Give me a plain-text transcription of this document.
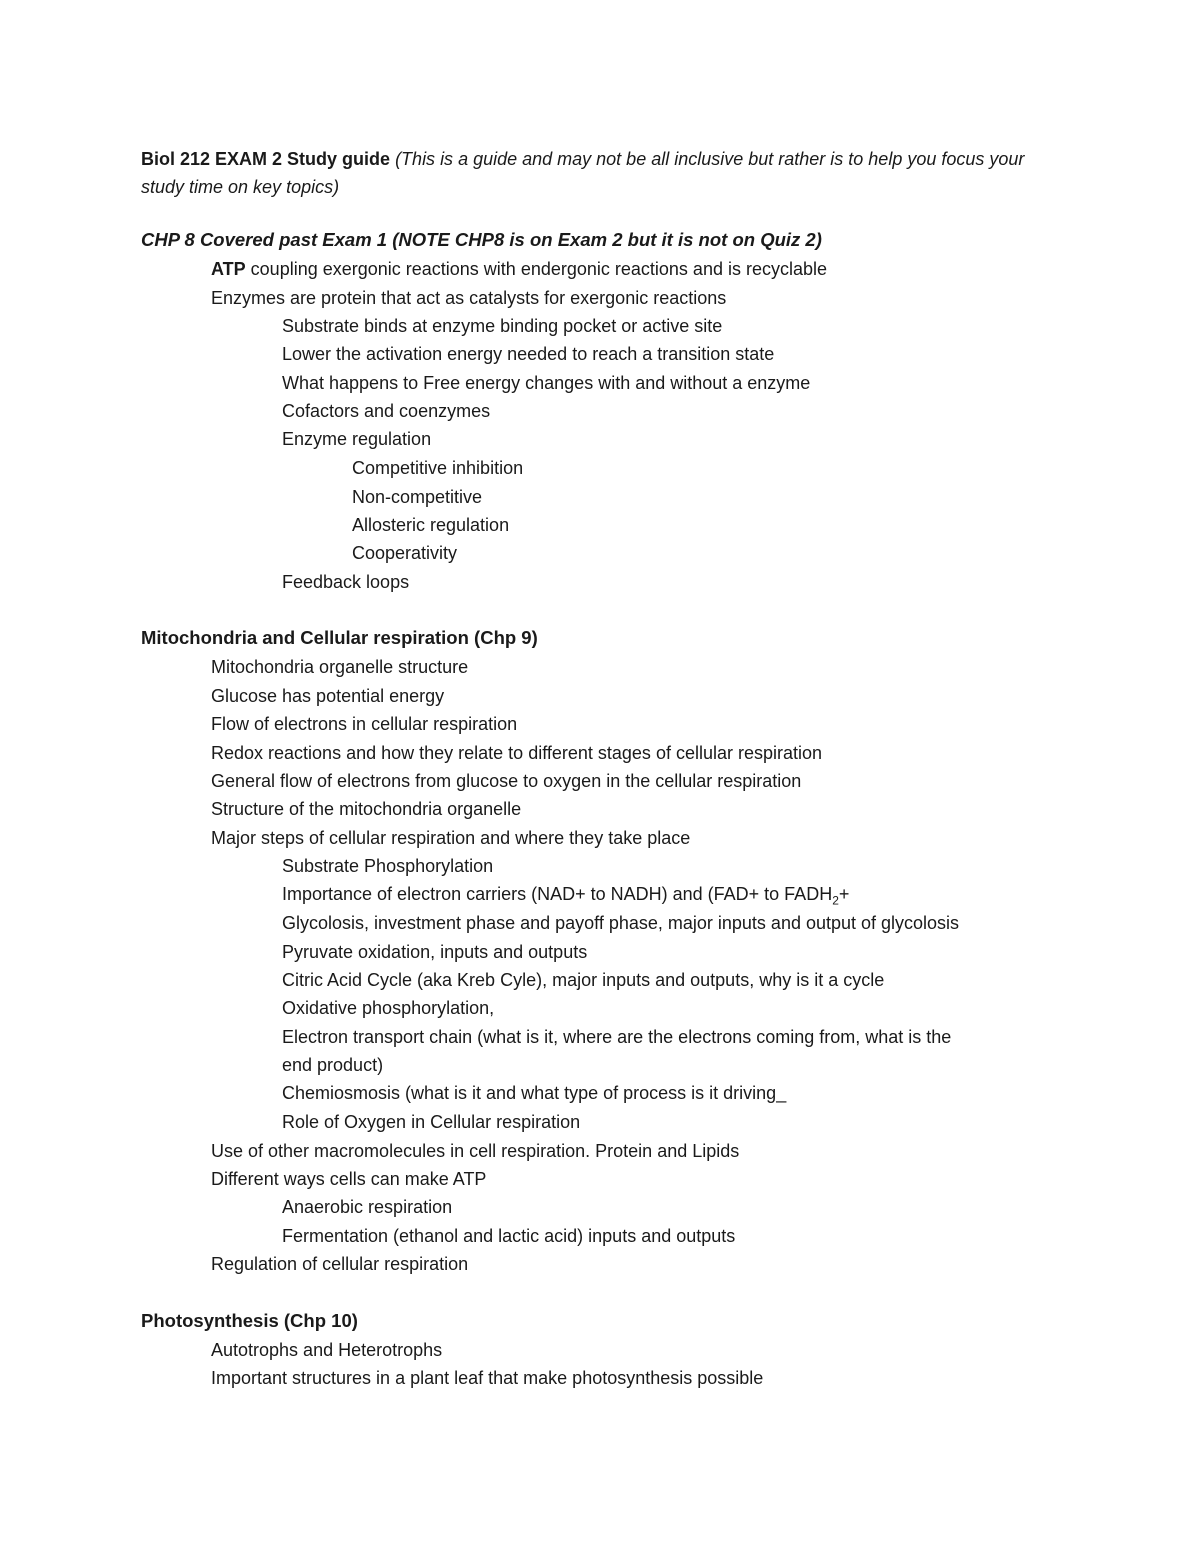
Biol 212 EXAM 2 Study guide (This is a guide and may not be all inclusive but rather is to help you focus your study time on key topics)
CHP 8 Covered past Exam 1 (NOTE CHP8 is on Exam 2 but it is not on Quiz 2)
ATP coupling exergonic reactions with endergonic reactions and is recyclable
Enzymes are protein that act as catalysts for exergonic reactions
Substrate binds at enzyme binding pocket or active site
Lower the activation energy needed to reach a transition state
What happens to Free energy changes with and without a enzyme
Cofactors and coenzymes
Enzyme regulation
Competitive inhibition
Non-competitive
Allosteric regulation
Cooperativity
Feedback loops
Mitochondria and Cellular respiration (Chp 9)
Mitochondria organelle structure
Glucose has potential energy
Flow of electrons in cellular respiration
Redox reactions and how they relate to different stages of cellular respiration
General flow of electrons from glucose to oxygen in the cellular respiration
Structure of the mitochondria organelle
Major steps of cellular respiration and where they take place
Substrate Phosphorylation
Importance of electron carriers (NAD+ to NADH) and (FAD+ to $FADH_2+$
Glycolosis, investment phase and payoff phase, major inputs and output of glycolosis
Pyruvate oxidation, inputs and outputs
Citric Acid Cycle (aka Kreb Cyle), major inputs and outputs, why is it a cycle
Oxidative phosphorylation,
Electron transport chain (what is it, where are the electrons coming from, what is the
end product)
Chemiosmosis (what is it and what type of process is it driving_
Role of Oxygen in Cellular respiration
Use of other macromolecules in cell respiration. Protein and Lipids
Different ways cells can make ATP
Anaerobic respiration
Fermentation (ethanol and lactic acid) inputs and outputs
Regulation of cellular respiration
Photosynthesis (Chp 10)
Autotrophs and Heterotrophs
Important structures in a plant leaf that make photosynthesis possible
